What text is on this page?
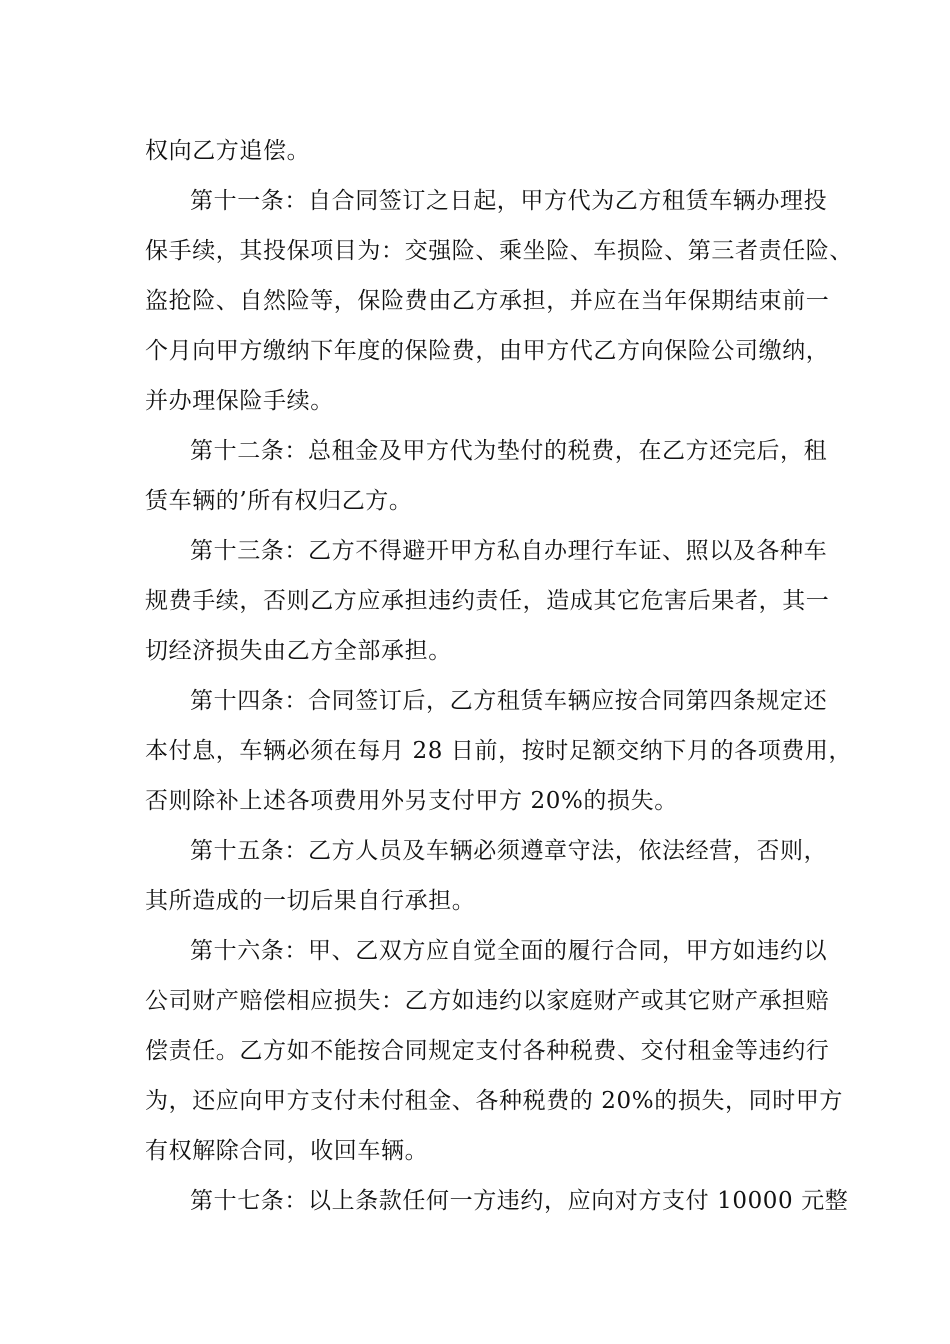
权向乙方追偿。
第十一条：自合同签订之日起，甲方代为乙方租赁车辆办理投
保手续，其投保项目为：交强险、乘坐险、车损险、第三者责任险、
盗抢险、自然险等，保险费由乙方承担，并应在当年保期结束前一
个月向甲方缴纳下年度的保险费，由甲方代乙方向保险公司缴纳，
并办理保险手续。
第十二条：总租金及甲方代为垫付的税费，在乙方还完后，租
赁车辆的’所有权归乙方。
第十三条：乙方不得避开甲方私自办理行车证、照以及各种车
规费手续，否则乙方应承担违约责任，造成其它危害后果者，其一
切经济损失由乙方全部承担。
第十四条：合同签订后，乙方租赁车辆应按合同第四条规定还
本付息，车辆必须在每月 28 日前，按时足额交纳下月的各项费用，
否则除补上述各项费用外另支付甲方 20%的损失。
第十五条：乙方人员及车辆必须遵章守法，依法经营，否则，
其所造成的一切后果自行承担。
第十六条：甲、乙双方应自觉全面的履行合同，甲方如违约以
公司财产赔偿相应损失：乙方如违约以家庭财产或其它财产承担赔
偿责任。乙方如不能按合同规定支付各种税费、交付租金等违约行
为，还应向甲方支付未付租金、各种税费的 20%的损失，同时甲方
有权解除合同，收回车辆。
第十七条：以上条款任何一方违约，应向对方支付 10000 元整
